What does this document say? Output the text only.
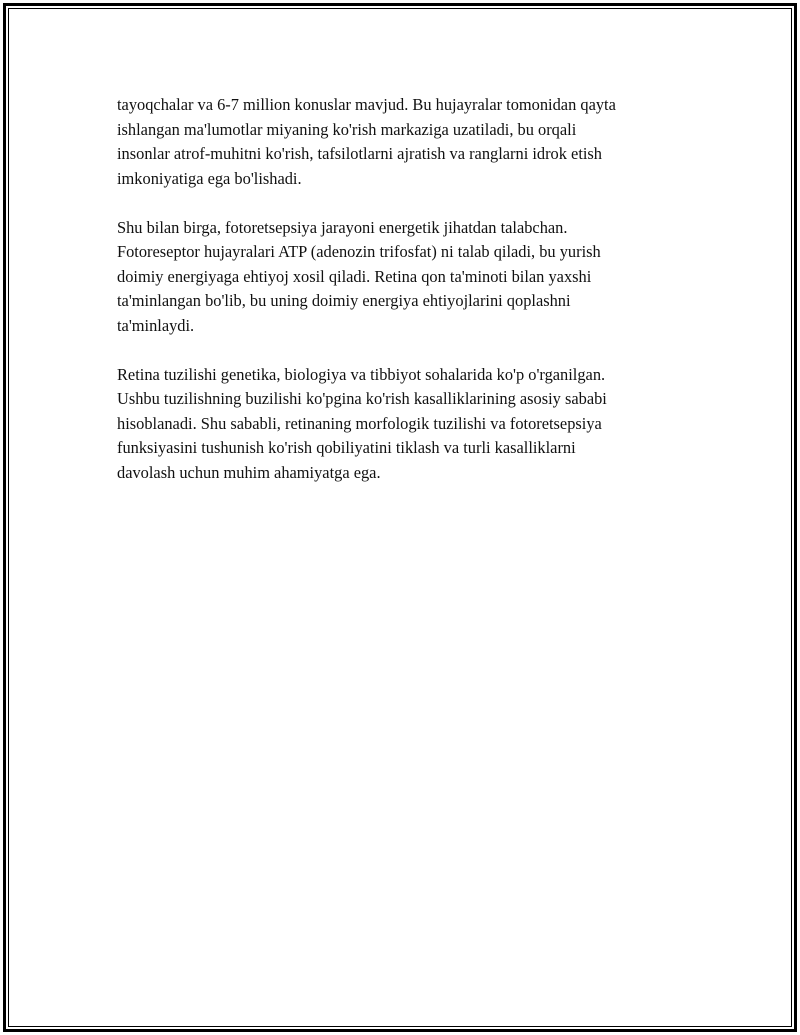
tayoqchalar va 6-7 million konuslar mavjud. Bu hujayralar tomonidan qayta
ishlangan ma'lumotlar miyaning ko'rish markaziga uzatiladi, bu orqali
insonlar atrof-muhitni ko'rish, tafsilotlarni ajratish va ranglarni idrok etish
imkoniyatiga ega bo'lishadi.

Shu bilan birga, fotoretsepsiya jarayoni energetik jihatdan talabchan.
Fotoreseptor hujayralari ATP (adenozin trifosfat) ni talab qiladi, bu yurish
doimiy energiyaga ehtiyoj xosil qiladi. Retina qon ta'minoti bilan yaxshi
ta'minlangan bo'lib, bu uning doimiy energiya ehtiyojlarini qoplashni
ta'minlaydi.

Retina tuzilishi genetika, biologiya va tibbiyot sohalarida ko'p o'rganilgan.
Ushbu tuzilishning buzilishi ko'pgina ko'rish kasalliklarining asosiy sababi
hisoblanadi. Shu sababli, retinaning morfologik tuzilishi va fotoretsepsiya
funksiyasini tushunish ko'rish qobiliyatini tiklash va turli kasalliklarni
davolash uchun muhim ahamiyatga ega.
